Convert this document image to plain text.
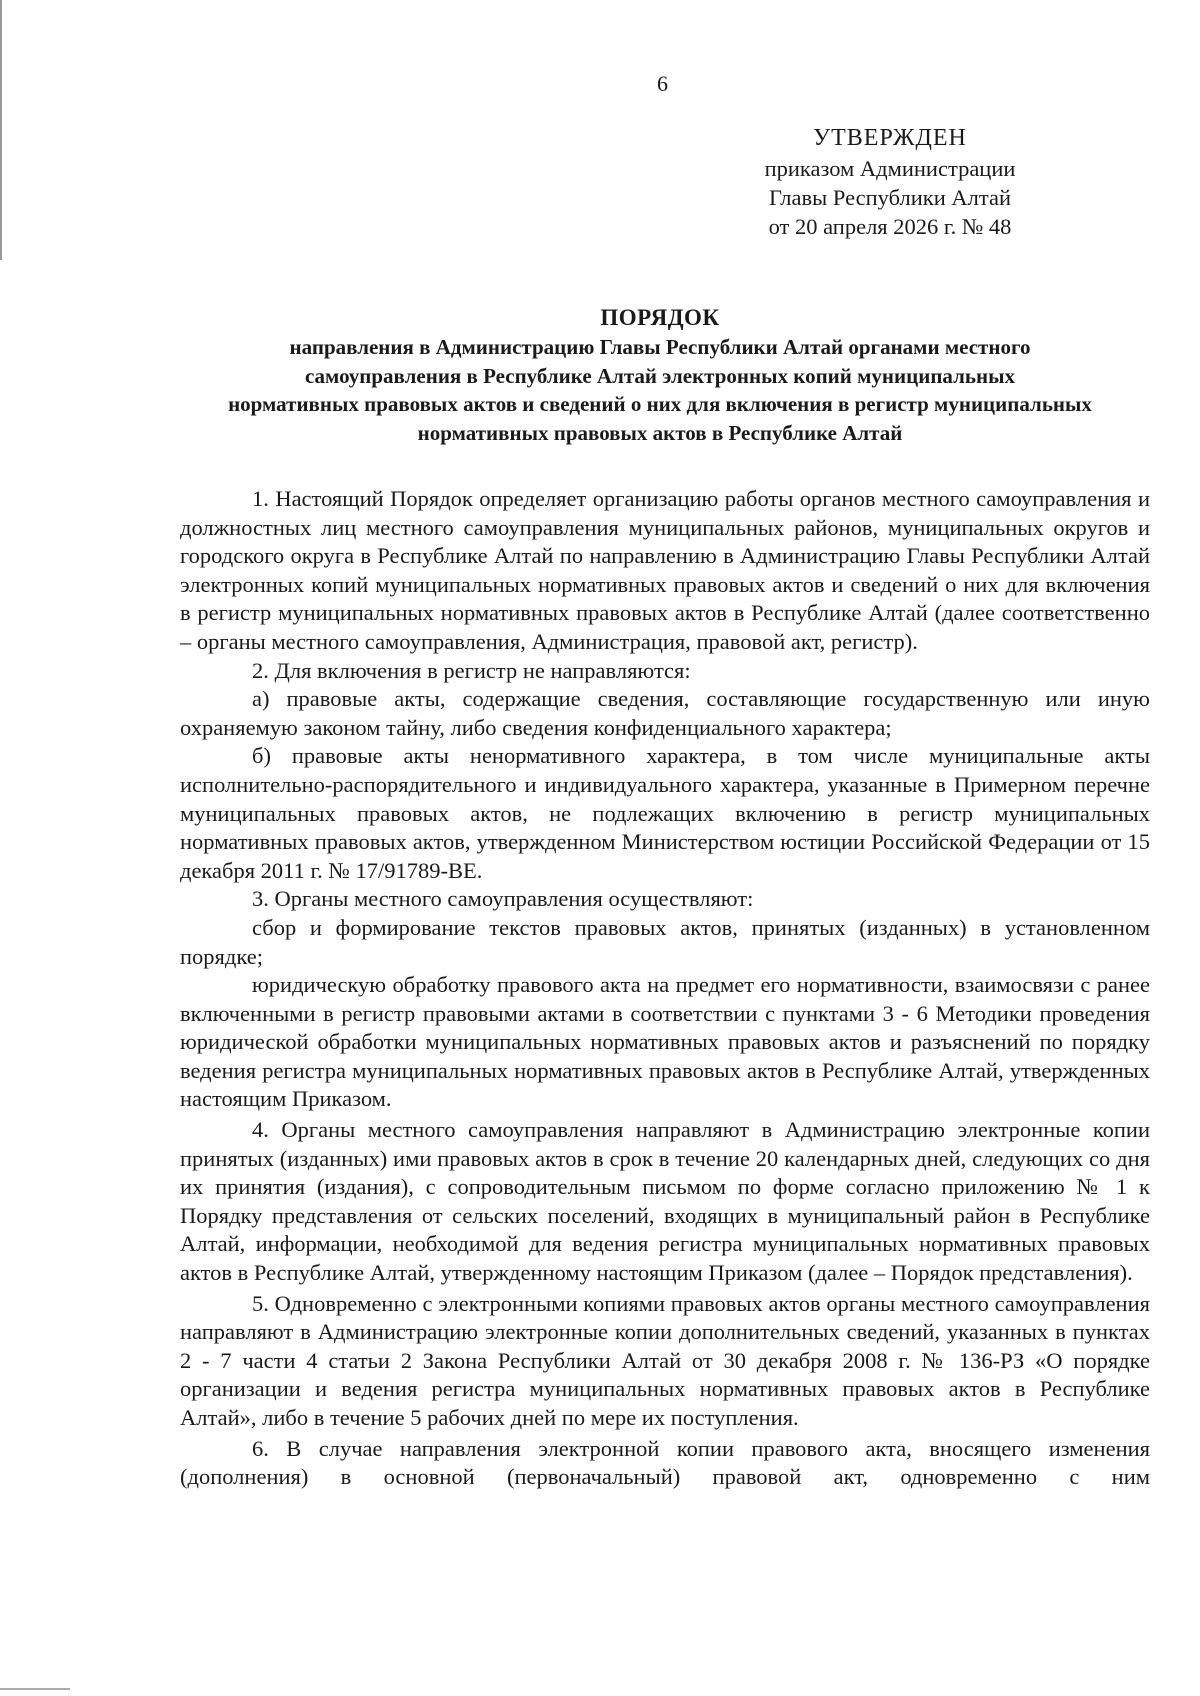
6
УТВЕРЖДЕН
приказом Администрации
Главы Республики Алтай
от 20 апреля 2026 г. № 48
ПОРЯДОК
направления в Администрацию Главы Республики Алтай органами местного
самоуправления в Республике Алтай электронных копий муниципальных
нормативных правовых актов и сведений о них для включения в регистр муниципальных
нормативных правовых актов в Республике Алтай

1. Настоящий Порядок определяет организацию работы органов местного самоуправления и должностных лиц местного самоуправления муниципальных районов, муниципальных округов и городского округа в Республике Алтай по направлению в Администрацию Главы Республики Алтай электронных копий муниципальных нормативных правовых актов и сведений о них для включения в регистр муниципальных нормативных правовых актов в Республике Алтай (далее соответственно – органы местного самоуправления, Администрация, правовой акт, регистр).

2. Для включения в регистр не направляются:

а) правовые акты, содержащие сведения, составляющие государственную или иную охраняемую законом тайну, либо сведения конфиденциального характера;

б) правовые акты ненормативного характера, в том числе муниципальные акты исполнительно-распорядительного и индивидуального характера, указанные в Примерном перечне муниципальных правовых актов, не подлежащих включению в регистр муниципальных нормативных правовых актов, утвержденном Министерством юстиции Российской Федерации от 15 декабря 2011 г. № 17/91789-ВЕ.

3. Органы местного самоуправления осуществляют:

сбор и формирование текстов правовых актов, принятых (изданных) в установленном порядке;

юридическую обработку правового акта на предмет его нормативности, взаимосвязи с ранее включенными в регистр правовыми актами в соответствии с пунктами 3 - 6 Методики проведения юридической обработки муниципальных нормативных правовых актов и разъяснений по порядку ведения регистра муниципальных нормативных правовых актов в Республике Алтай, утвержденных настоящим Приказом.

4. Органы местного самоуправления направляют в Администрацию электронные копии принятых (изданных) ими правовых актов в срок в течение 20 календарных дней, следующих со дня их принятия (издания), с сопроводительным письмом по форме согласно приложению № 1 к Порядку представления от сельских поселений, входящих в муниципальный район в Республике Алтай, информации, необходимой для ведения регистра муниципальных нормативных правовых актов в Республике Алтай, утвержденному настоящим Приказом (далее – Порядок представления).

5. Одновременно с электронными копиями правовых актов органы местного самоуправления направляют в Администрацию электронные копии дополнительных сведений, указанных в пунктах 2 - 7 части 4 статьи 2 Закона Республики Алтай от 30 декабря 2008 г. № 136-РЗ «О порядке организации и ведения регистра муниципальных нормативных правовых актов в Республике Алтай», либо в течение 5 рабочих дней по мере их поступления.

6. В случае направления электронной копии правового акта, вносящего изменения (дополнения) в основной (первоначальный) правовой акт, одновременно с ним
